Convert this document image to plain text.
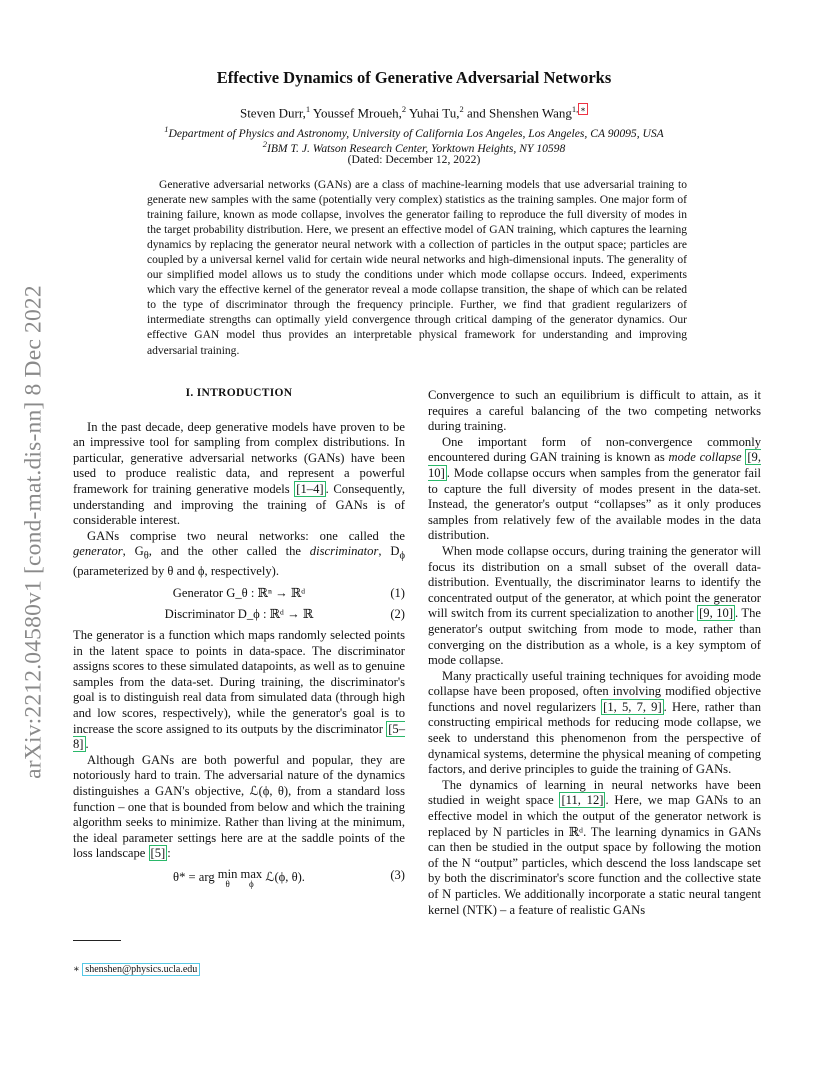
arXiv:2212.04580v1 [cond-mat.dis-nn] 8 Dec 2022
Effective Dynamics of Generative Adversarial Networks
Steven Durr,$^1$ Youssef Mroueh,$^2$ Yuhai Tu,$^2$ and Shenshen Wang$^{1,}$ ∗
$^1$Department of Physics and Astronomy, University of California Los Angeles, Los Angeles, CA 90095, USA
$^2$IBM T. J. Watson Research Center, Yorktown Heights, NY 10598
(Dated: December 12, 2022)
Generative adversarial networks (GANs) are a class of machine-learning models that use adversarial training to generate new samples with the same (potentially very complex) statistics as the training samples. One major form of training failure, known as mode collapse, involves the generator failing to reproduce the full diversity of modes in the target probability distribution. Here, we present an effective model of GAN training, which captures the learning dynamics by replacing the generator neural network with a collection of particles in the output space; particles are coupled by a universal kernel valid for certain wide neural networks and high-dimensional inputs. The generality of our simplified model allows us to study the conditions under which mode collapse occurs. Indeed, experiments which vary the effective kernel of the generator reveal a mode collapse transition, the shape of which can be related to the type of discriminator through the frequency principle. Further, we find that gradient regularizers of intermediate strengths can optimally yield convergence through critical damping of the generator dynamics. Our effective GAN model thus provides an interpretable physical framework for understanding and improving adversarial training.
I. INTRODUCTION

In the past decade, deep generative models have proven to be an impressive tool for sampling from complex distributions. In particular, generative adversarial networks (GANs) have been used to produce realistic data, and represent a powerful framework for training generative models [1–4] . Consequently, understanding and improving the training of GANs is of considerable interest.

GANs comprise two neural networks: one called the generator, $G_\theta$, and the other called the discriminator, $D_\phi$ (parameterized by θ and ϕ, respectively).

Generator G_θ : ℝⁿ → ℝᵈ	(1)
Discriminator D_ϕ : ℝᵈ → ℝ	(2)

The generator is a function which maps randomly selected points in the latent space to points in data-space. The discriminator assigns scores to these simulated datapoints, as well as to genuine samples from the data-set. During training, the discriminator's goal is to distinguish real data from simulated data (through high and low scores, respectively), while the generator's goal is to increase the score assigned to its outputs by the discriminator [5–8] .

Although GANs are both powerful and popular, they are notoriously hard to train. The adversarial nature of the dynamics distinguishes a GAN's objective, ℒ(ϕ, θ), from a standard loss function – one that is bounded from below and which the training algorithm seeks to minimize. Rather than living at the minimum, the ideal parameter settings here are at the saddle points of the loss landscape [5] :

θ* = arg min
θ
max
ϕ ℒ(ϕ, θ).	(3)
∗ shenshen@physics.ucla.edu

Convergence to such an equilibrium is difficult to attain, as it requires a careful balancing of the two competing networks during training.

One important form of non-convergence commonly encountered during GAN training is known as mode collapse [9, 10] . Mode collapse occurs when samples from the generator fail to capture the full diversity of modes present in the data-set. Instead, the generator's output “collapses” as it only produces samples from relatively few of the available modes in the data distribution.

When mode collapse occurs, during training the generator will focus its distribution on a small subset of the overall data-distribution. Eventually, the discriminator learns to identify the concentrated output of the generator, at which point the generator will switch from its current specialization to another [9, 10] . The generator's output switching from mode to mode, rather than converging on the distribution as a whole, is a key symptom of mode collapse.

Many practically useful training techniques for avoiding mode collapse have been proposed, often involving modified objective functions and novel regularizers [1, 5, 7, 9] . Here, rather than constructing empirical methods for reducing mode collapse, we seek to understand this phenomenon from the perspective of dynamical systems, determine the physical meaning of competing factors, and derive principles to guide the training of GANs.

The dynamics of learning in neural networks have been studied in weight space [11, 12] . Here, we map GANs to an effective model in which the output of the generator network is replaced by N particles in ℝᵈ. The learning dynamics in GANs can then be studied in the output space by following the motion of the N “output” particles, which descend the loss landscape set by both the discriminator's score function and the collective state of N particles. We additionally incorporate a static neural tangent kernel (NTK) – a feature of realistic GANs
